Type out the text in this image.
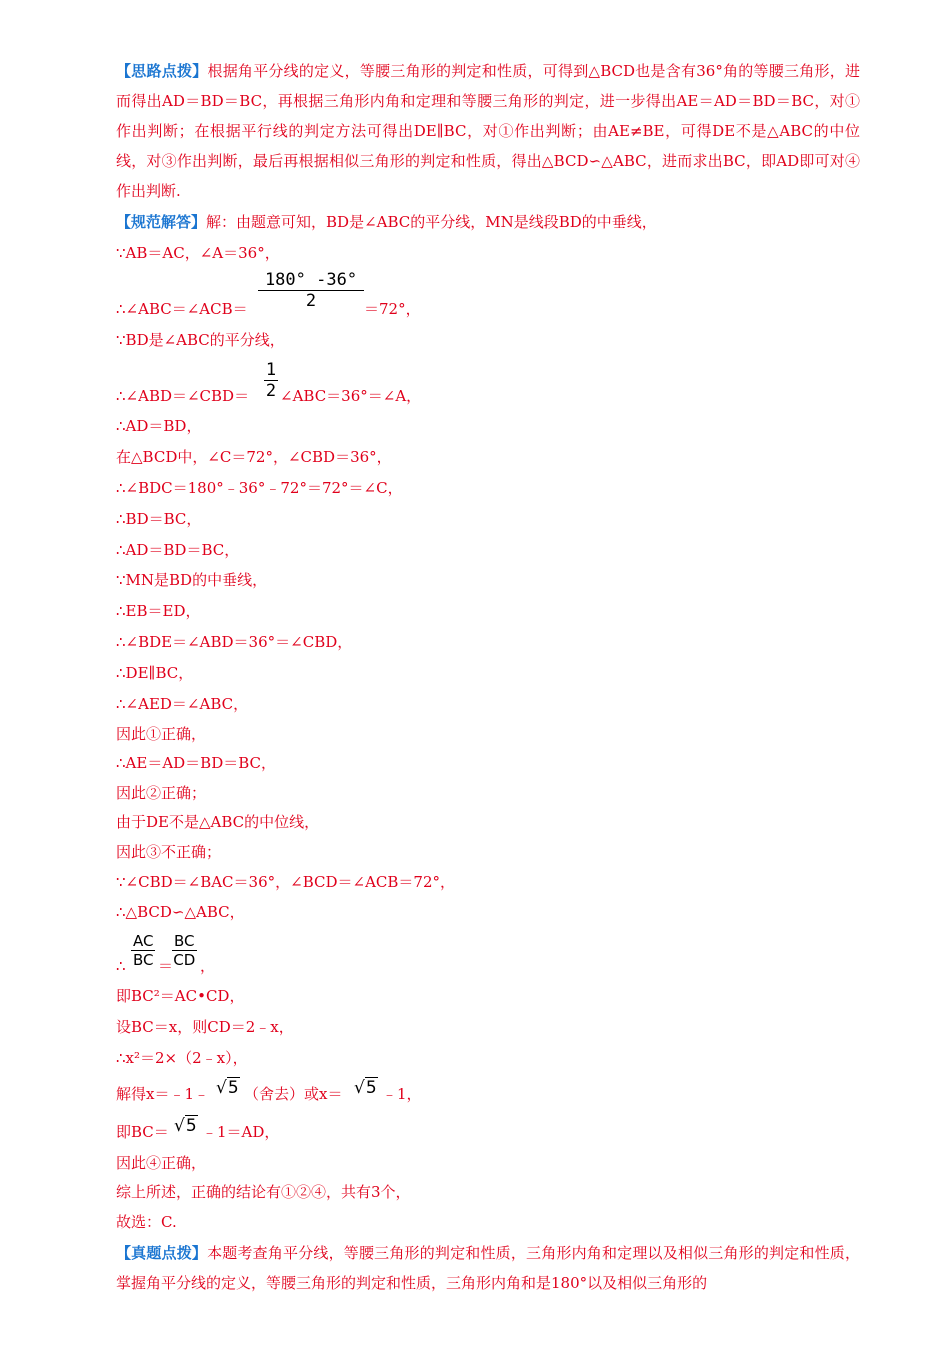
【思路点拨】根据角平分线的定义，等腰三角形的判定和性质，可得到△BCD也是含有36°角的等腰三角形，进而得出AD＝BD＝BC，再根据三角形内角和定理和等腰三角形的判定，进一步得出AE＝AD＝BD＝BC，对①作出判断；在根据平行线的判定方法可得出DE∥BC，对①作出判断；由AE≠BE，可得DE不是△ABC的中位线，对③作出判断，最后再根据相似三角形的判定和性质，得出△BCD∽△ABC，进而求出BC，即AD即可对④作出判断.
【规范解答】解：由题意可知，BD是∠ABC的平分线，MN是线段BD的中垂线，
∵AB＝AC，∠A＝36°，
∴∠ABC＝∠ACB＝ $\frac{180^\circ -36^\circ}{2} =72^\circ$，
∵BD是∠ABC的平分线，
∴∠ABD＝∠CBD＝ $\frac{1}{2}$ ∠ABC＝36°＝∠A，
∴AD＝BD，
在△BCD中，∠C＝72°，∠CBD＝36°，
∴∠BDC＝180°﹣36°﹣72°＝72°＝∠C，
∴BD＝BC，
∴AD＝BD＝BC，
∵MN是BD的中垂线，
∴EB＝ED，
∴∠BDE＝∠ABD＝36°＝∠CBD，
∴DE∥BC，
∴∠AED＝∠ABC，
因此①正确，
∴AE＝AD＝BD＝BC，
因此②正确；
由于DE不是△ABC的中位线，
因此③不正确；
∵∠CBD＝∠BAC＝36°，∠BCD＝∠ACB＝72°，
∴△BCD∽△ABC，
∴ $\frac{AC}{BC}$ ＝
$\frac{BC}{CD}$ ，
即BC²＝AC•CD，
设BC＝x，则CD＝2﹣x，
∴x²＝2×（2﹣x），
解得x＝﹣1﹣ √5 （舍去）或x＝ √5 ﹣1，
即BC＝ √5 ﹣1＝AD，
因此④正确，
综上所述，正确的结论有①②④，共有3个，
故选：C.
【真题点拨】本题考查角平分线，等腰三角形的判定和性质，三角形内角和定理以及相似三角形的判定和性质，掌握角平分线的定义，等腰三角形的判定和性质，三角形内角和是180°以及相似三角形的
